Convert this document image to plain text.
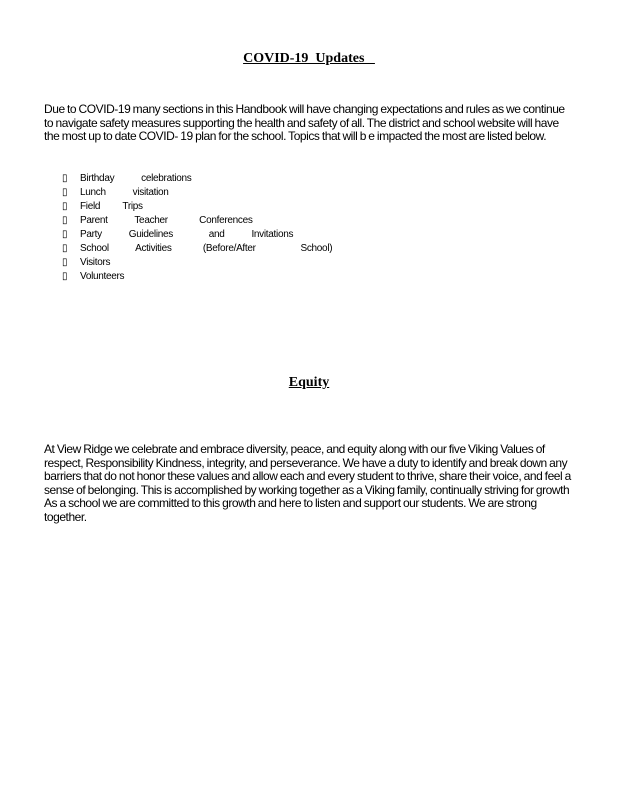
COVID-19  Updates
Due to COVID-19 many sections in this Handbook will have changing expectations and rules as we continue to navigate safety measures supporting the health and safety of all. The district and school website will have the most up to date COVID- 19 plan for the school. Topics that will b e impacted the most are listed below.
▯	Birthday      celebrations
▯	Lunch      visitation
▯	Field     Trips
▯	Parent      Teacher       Conferences
▯	Party      Guidelines        and      Invitations
▯	School      Activities       (Before/After          School)
▯	Visitors
▯	Volunteers
Equity
At View Ridge we celebrate and embrace diversity, peace, and equity along with our five Viking Values of respect, Responsibility Kindness, integrity, and perseverance. We have a duty to identify and break down any barriers that do not honor these values and allow each and every student to thrive, share their voice, and feel a sense of belonging. This is accomplished by working together as a Viking family, continually striving for growth As a school we are committed to this growth and here to listen and support our students. We are strong together.
